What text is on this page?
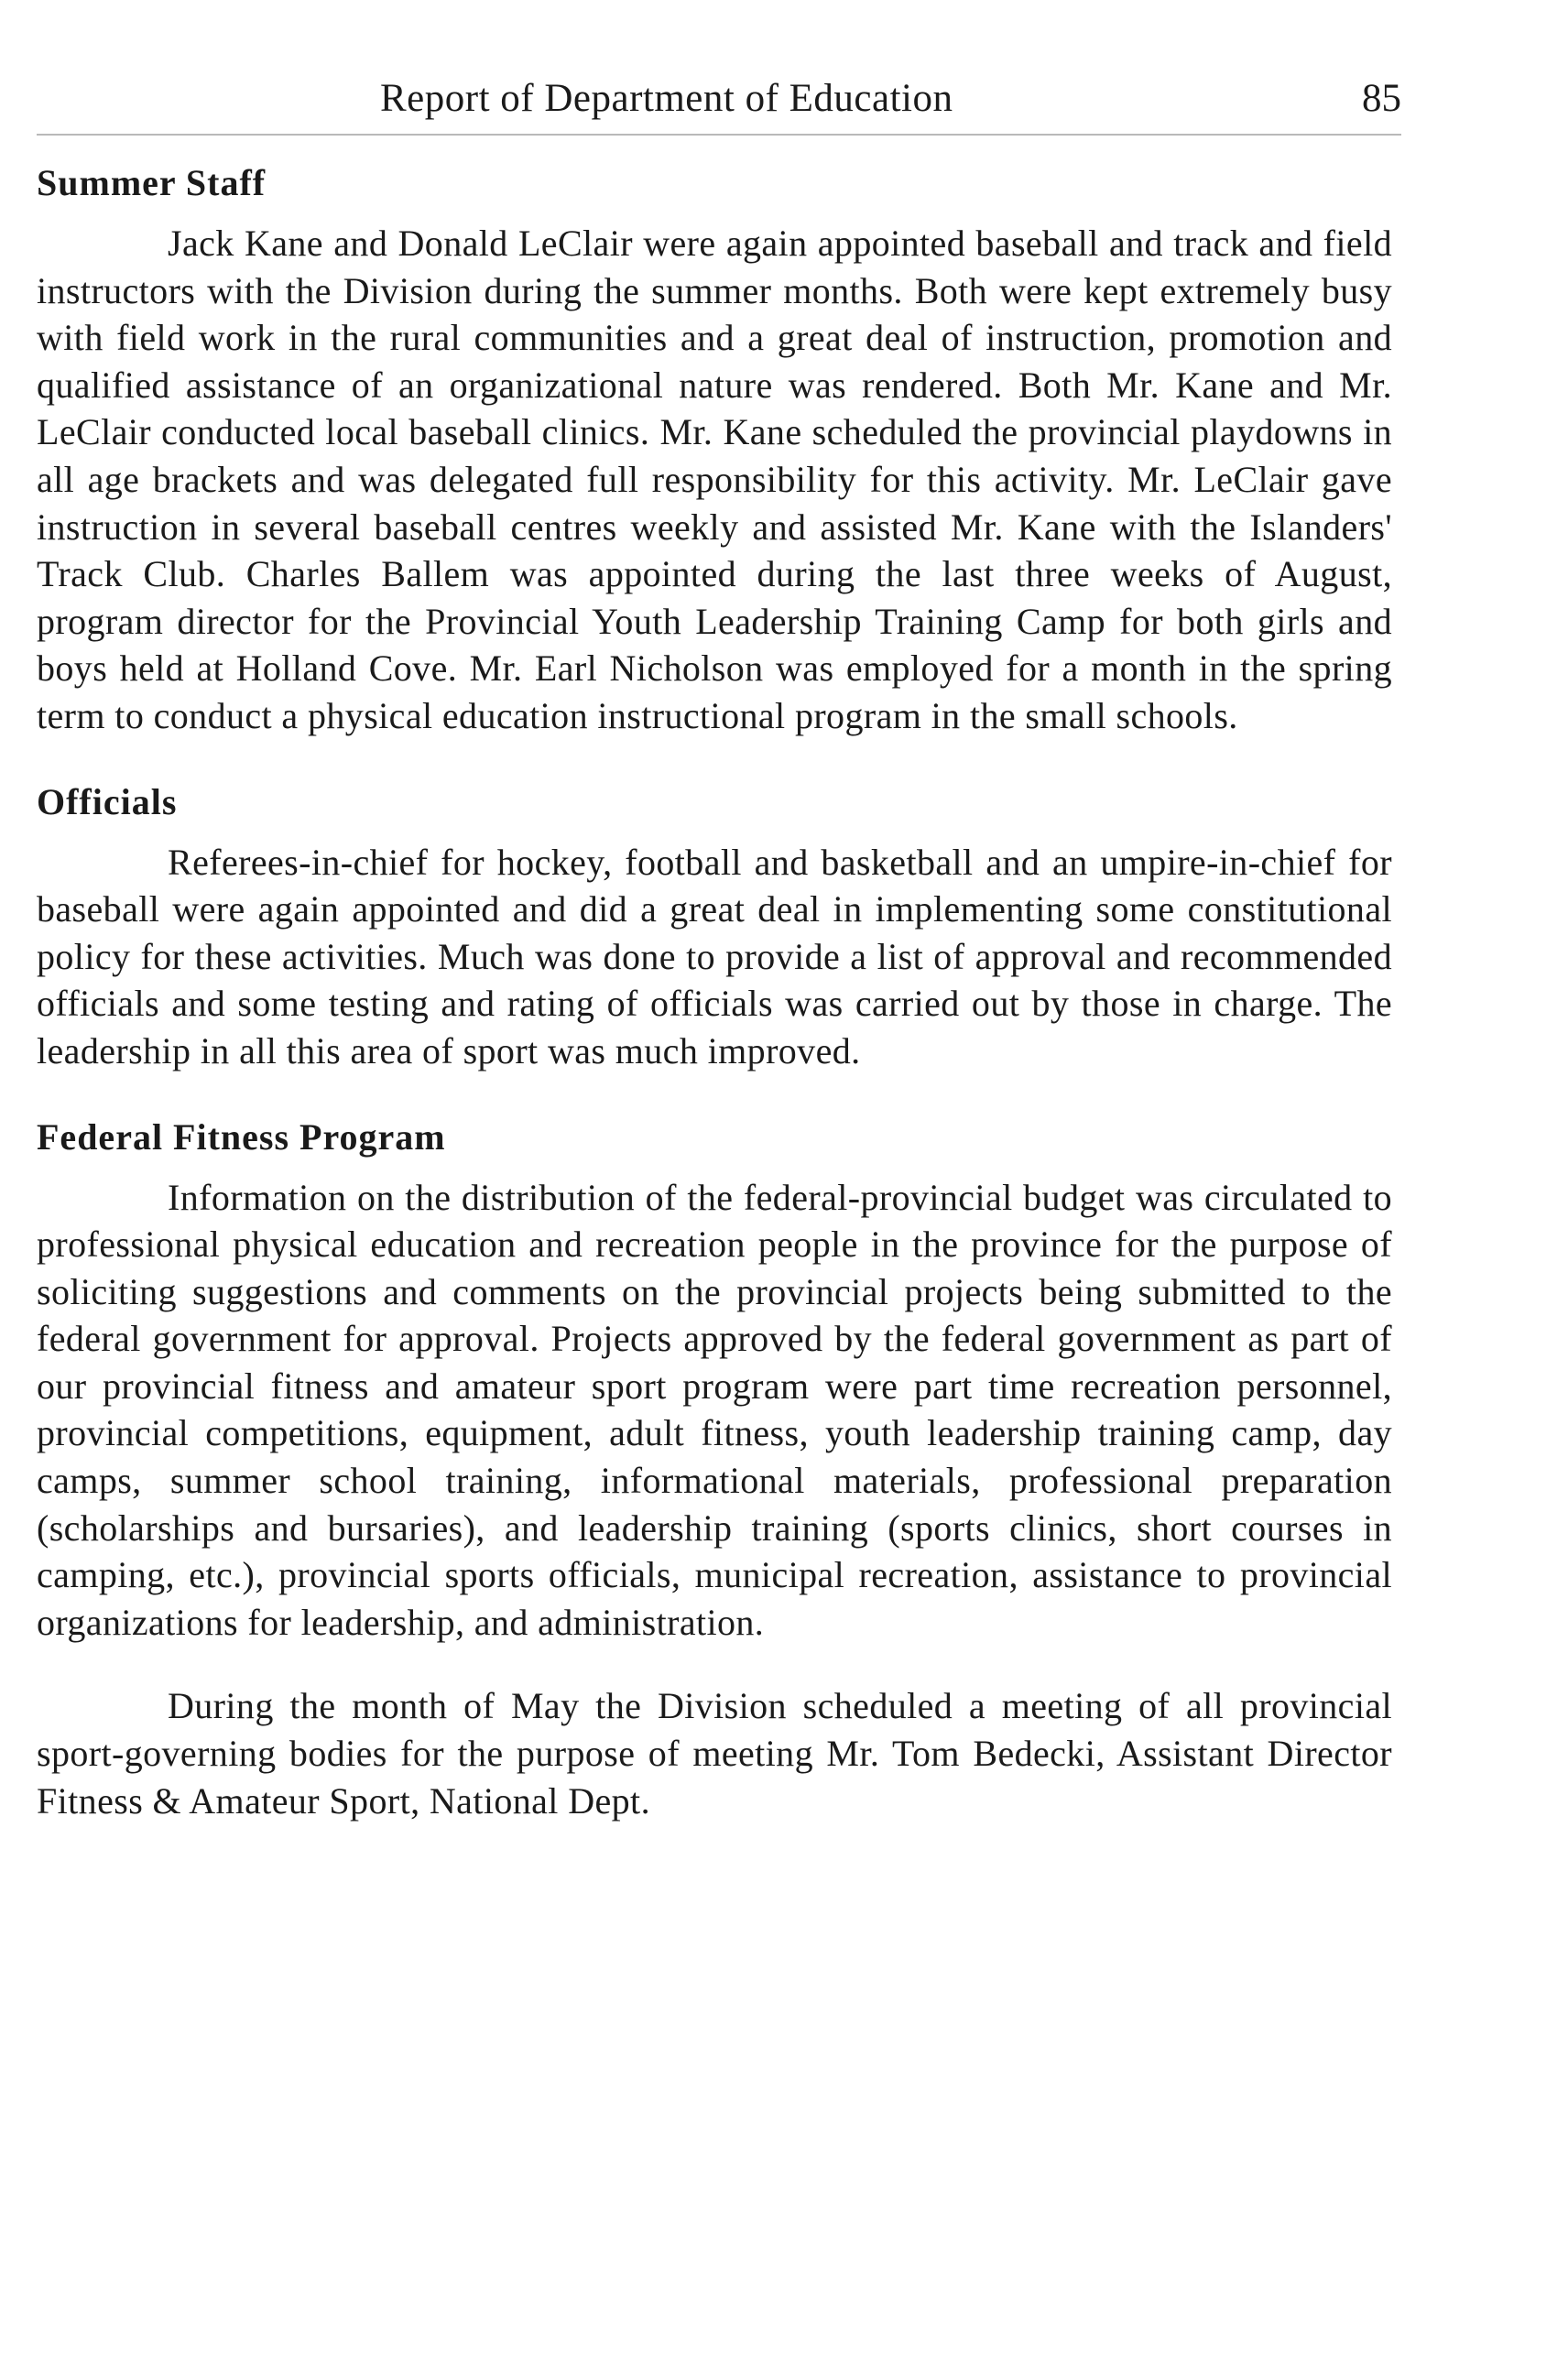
Report of Department of Education	85
Summer Staff

Jack Kane and Donald LeClair were again appointed baseball and track and field instructors with the Division during the summer months. Both were kept extremely busy with field work in the rural communities and a great deal of instruction, promotion and qualified assistance of an organizational nature was rendered. Both Mr. Kane and Mr. LeClair conducted local baseball clinics. Mr. Kane scheduled the provincial playdowns in all age brackets and was delegated full responsibility for this activity. Mr. LeClair gave instruction in several baseball centres weekly and assisted Mr. Kane with the Islanders' Track Club. Charles Ballem was appointed during the last three weeks of August, program director for the Provincial Youth Leadership Training Camp for both girls and boys held at Holland Cove. Mr. Earl Nicholson was employed for a month in the spring term to conduct a physical education instructional program in the small schools.

Officials

Referees-in-chief for hockey, football and basketball and an umpire-in-chief for baseball were again appointed and did a great deal in implementing some constitutional policy for these activities. Much was done to provide a list of approval and recommended officials and some testing and rating of officials was carried out by those in charge. The leadership in all this area of sport was much improved.

Federal Fitness Program

Information on the distribution of the federal-provincial budget was circulated to professional physical education and recreation people in the province for the purpose of soliciting suggestions and comments on the provincial projects being submitted to the federal government for approval. Projects approved by the federal government as part of our provincial fitness and amateur sport program were part time recreation personnel, provincial competitions, equipment, adult fitness, youth leadership training camp, day camps, summer school training, informational materials, professional preparation (scholarships and bursaries), and leadership training (sports clinics, short courses in camping, etc.), provincial sports officials, municipal recreation, assistance to provincial organizations for leadership, and administration.

During the month of May the Division scheduled a meeting of all provincial sport-governing bodies for the purpose of meeting Mr. Tom Bedecki, Assistant Director Fitness & Amateur Sport, National Dept.
